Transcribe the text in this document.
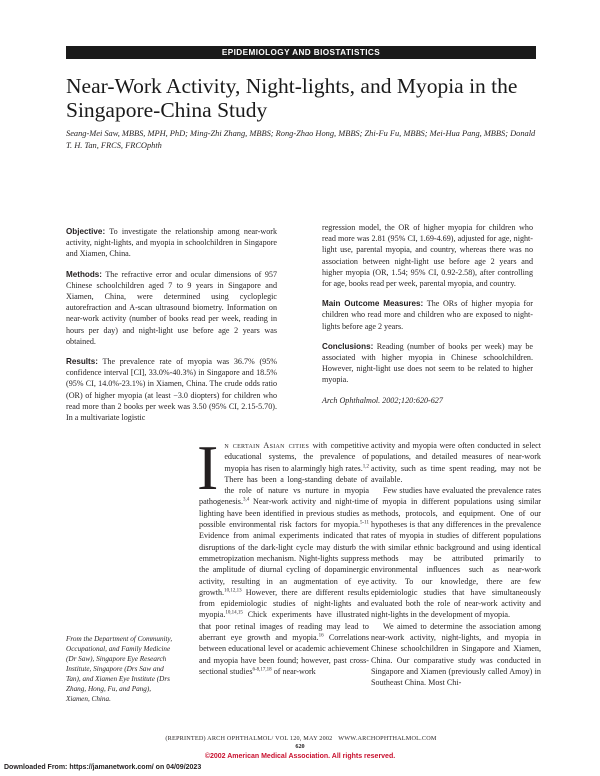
EPIDEMIOLOGY AND BIOSTATISTICS
Near-Work Activity, Night-lights, and Myopia in the Singapore-China Study
Seang-Mei Saw, MBBS, MPH, PhD; Ming-Zhi Zhang, MBBS; Rong-Zhao Hong, MBBS; Zhi-Fu Fu, MBBS; Mei-Hua Pang, MBBS; Donald T. H. Tan, FRCS, FRCOphth

Objective: To investigate the relationship among near-work activity, night-lights, and myopia in schoolchildren in Singapore and Xiamen, China.

Methods: The refractive error and ocular dimensions of 957 Chinese schoolchildren aged 7 to 9 years in Singapore and Xiamen, China, were determined using cycloplegic autorefraction and A-scan ultrasound biometry. Information on near-work activity (number of books read per week, reading in hours per day) and night-light use before age 2 years was obtained.

Results: The prevalence rate of myopia was 36.7% (95% confidence interval [CI], 33.0%-40.3%) in Singapore and 18.5% (95% CI, 14.0%-23.1%) in Xiamen, China. The crude odds ratio (OR) of higher myopia (at least −3.0 diopters) for children who read more than 2 books per week was 3.50 (95% CI, 2.15-5.70). In a multivariate logistic

regression model, the OR of higher myopia for children who read more was 2.81 (95% CI, 1.69-4.69), adjusted for age, night-light use, parental myopia, and country, whereas there was no association between night-light use before age 2 years and higher myopia (OR, 1.54; 95% CI, 0.92-2.58), after controlling for age, books read per week, parental myopia, and country.

Main Outcome Measures: The ORs of higher myopia for children who read more and children who are exposed to night-lights before age 2 years.

Conclusions: Reading (number of books per week) may be associated with higher myopia in Chinese schoolchildren. However, night-light use does not seem to be related to higher myopia.

Arch Ophthalmol. 2002;120:620-627

In certain Asian cities with competitive educational systems, the prevalence of myopia has risen to alarmingly high rates.$^{1,2}$ There has been a long-standing debate of the role of nature vs nurture in myopia pathogenesis.$^{3,4}$ Near-work activity and night-time lighting have been identified in previous studies as possible environmental risk factors for myopia.$^{5-11}$ Evidence from animal experiments indicated that disruptions of the dark-light cycle may disturb the emmetropization mechanism. Night-lights suppress the amplitude of diurnal cycling of dopaminergic activity, resulting in an augmentation of eye growth.$^{10,12,13}$ However, there are different results from epidemiologic studies of night-lights and myopia.$^{10,14,15}$ Chick experiments have illustrated that poor retinal images of reading may lead to aberrant eye growth and myopia.$^{16}$ Correlations between educational level or academic achievement and myopia have been found; however, past cross-sectional studies$^{6-8,17,18}$ of near-work

activity and myopia were often conducted in select populations, and detailed measures of near-work activity, such as time spent reading, may not be available.

Few studies have evaluated the prevalence rates of myopia in different populations using similar methods, protocols, and equipment. One of our hypotheses is that any differences in the prevalence rates of myopia in studies of different populations with similar ethnic background and using identical methods may be attributed primarily to environmental influences such as near-work activity. To our knowledge, there are few epidemiologic studies that have simultaneously evaluated both the role of near-work activity and night-lights in the development of myopia.

We aimed to determine the association among near-work activity, night-lights, and myopia in Chinese schoolchildren in Singapore and Xiamen, China. Our comparative study was conducted in Singapore and Xiamen (previously called Amoy) in Southeast China. Most Chi-

From the Department of Community, Occupational, and Family Medicine (Dr Saw), Singapore Eye Research Institute, Singapore (Drs Saw and Tan), and Xiamen Eye Institute (Drs Zhang, Hong, Fu, and Pang), Xiamen, China.
(REPRINTED) ARCH OPHTHALMOL/ VOL 120, MAY 2002 WWW.ARCHOPHTHALMOL.COM
620
©2002 American Medical Association. All rights reserved.
Downloaded From: https://jamanetwork.com/ on 04/09/2023
